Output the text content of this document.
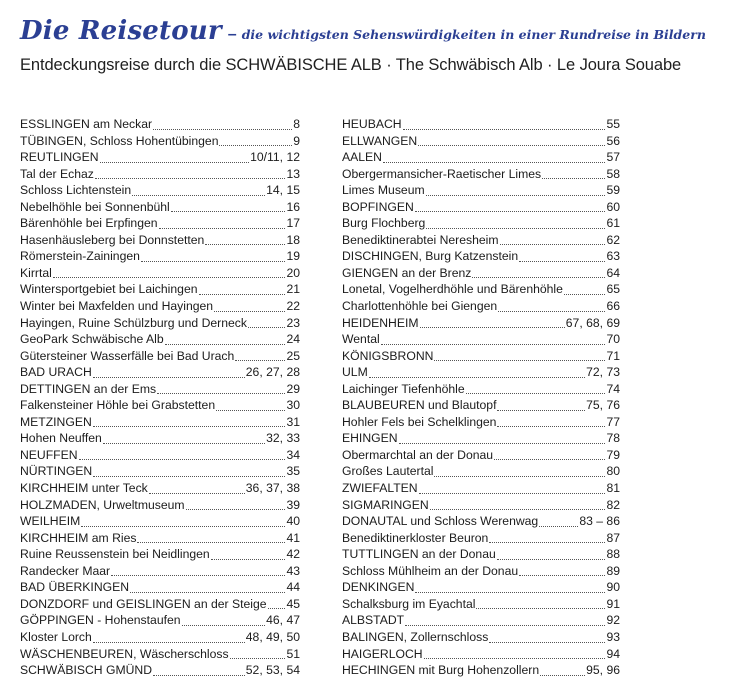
Die Reisetour – die wichtigsten Sehenswürdigkeiten in einer Rundreise in Bildern
Entdeckungsreise durch die SCHWÄBISCHE ALB · The Schwäbisch Alb · Le Joura Souabe
ESSLINGEN am Neckar	8
TÜBINGEN, Schloss Hohentübingen	9
REUTLINGEN	10/11, 12
Tal der Echaz	13
Schloss Lichtenstein	14, 15
Nebelhöhle bei Sonnenbühl	16
Bärenhöhle bei Erpfingen	17
Hasenhäusleberg bei Donnstetten	18
Römerstein-Zainingen	19
Kirrtal	20
Wintersportgebiet bei Laichingen	21
Winter bei Maxfelden und Hayingen	22
Hayingen, Ruine Schülzburg und Derneck	23
GeoPark Schwäbische Alb	24
Gütersteiner Wasserfälle bei Bad Urach	25
BAD URACH	26, 27, 28
DETTINGEN an der Ems	29
Falkensteiner Höhle bei Grabstetten	30
METZINGEN	31
Hohen Neuffen	32, 33
NEUFFEN	34
NÜRTINGEN	35
KIRCHHEIM unter Teck	36, 37, 38
HOLZMADEN, Urweltmuseum	39
WEILHEIM	40
KIRCHHEIM am Ries	41
Ruine Reussenstein bei Neidlingen	42
Randecker Maar	43
BAD ÜBERKINGEN	44
DONZDORF und GEISLINGEN an der Steige 45
GÖPPINGEN - Hohenstaufen	46, 47
Kloster Lorch	48, 49, 50
WÄSCHENBEUREN, Wäscherschloss	51
SCHWÄBISCH GMÜND	52, 53, 54
HEUBACH	55
ELLWANGEN	56
AALEN	57
Obergermansicher-Raetischer Limes	58
Limes Museum	59
BOPFINGEN	60
Burg Flochberg	61
Benediktinerabtei Neresheim	62
DISCHINGEN, Burg Katzenstein	63
GIENGEN an der Brenz	64
Lonetal, Vogelherdhöhle und Bärenhöhle	65
Charlottenhöhle bei Giengen	66
HEIDENHEIM	67, 68, 69
Wental	70
KÖNIGSBRONN	71
ULM	72, 73
Laichinger Tiefenhöhle	74
BLAUBEUREN und Blautopf	75, 76
Hohler Fels bei Schelklingen	77
EHINGEN	78
Obermarchtal an der Donau	79
Großes Lautertal	80
ZWIEFALTEN	81
SIGMARINGEN	82
DONAUTAL und Schloss Werenwag	83 – 86
Benediktinerkloster Beuron	87
TUTTLINGEN an der Donau	88
Schloss Mühlheim an der Donau	89
DENKINGEN	90
Schalksburg im Eyachtal	91
ALBSTADT	92
BALINGEN, Zollernschloss	93
HAIGERLOCH	94
HECHINGEN mit Burg Hohenzollern	95, 96
